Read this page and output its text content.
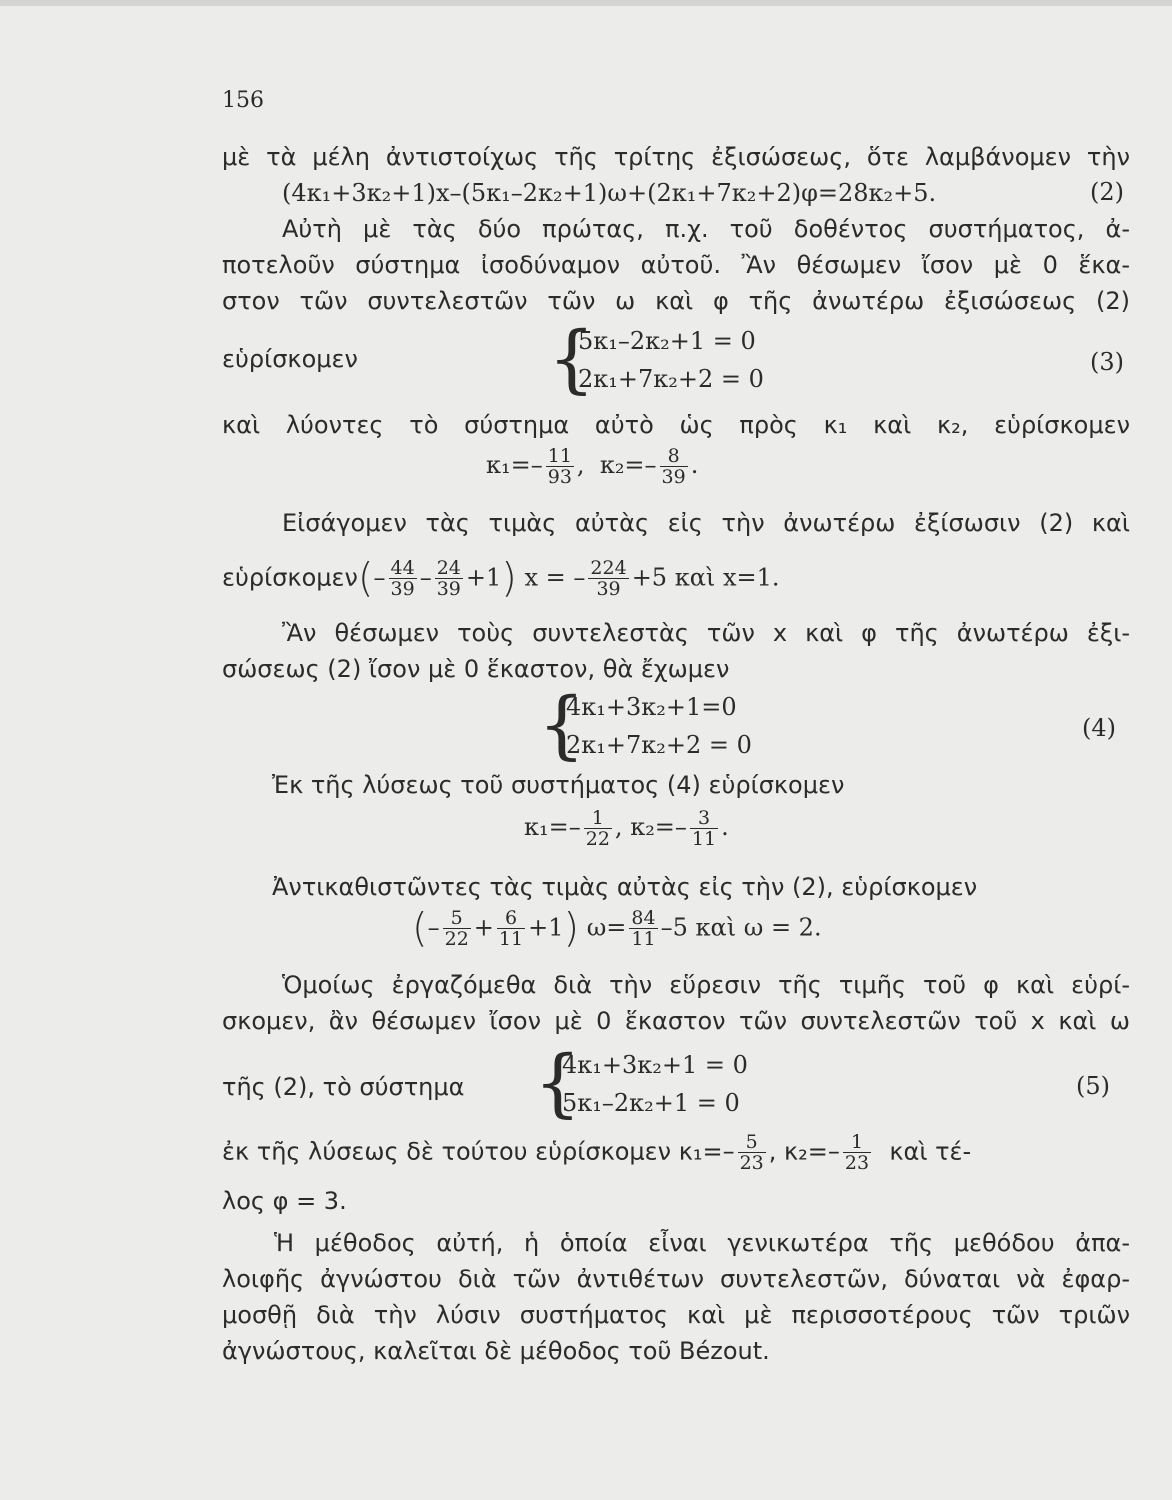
156
μὲ τὰ μέλη ἀντιστοίχως τῆς τρίτης ἐξισώσεως, ὅτε λαμβάνομεν τὴν
(4κ₁+3κ₂+1)x–(5κ₁–2κ₂+1)ω+(2κ₁+7κ₂+2)φ=28κ₂+5.	(2)
Αὐτὴ μὲ τὰς δύο πρώτας, π.χ. τοῦ δοθέντος συστήματος, ἀ-
ποτελοῦν σύστημα ἰσοδύναμον αὐτοῦ. Ἂν θέσωμεν ἴσον μὲ 0 ἕκα-
στον τῶν συντελεστῶν τῶν ω καὶ φ τῆς ἀνωτέρω ἐξισώσεως (2)
εὑρίσκομεν	{
5κ₁–2κ₂+1 = 0
2κ₁+7κ₂+2 = 0
(3)
καὶ λύοντες τὸ σύστημα αὐτὸ ὡς πρὸς κ₁ καὶ κ₂, εὑρίσκομεν
$\kappa_1=- \frac{11}{93}$ ,  $\kappa_2=- \frac{8}{39}$ .
Εἰσάγομεν τὰς τιμὰς αὐτὰς εἰς τὴν ἀνωτέρω ἐξίσωσιν (2) καὶ
εὑρίσκομεν(– $\frac{44}{39} - \frac{24}{39} +1$) x = – $\frac{224}{39} +5$ καὶ x=1.
Ἂν θέσωμεν τοὺς συντελεστὰς τῶν x καὶ φ τῆς ἀνωτέρω ἐξι-
σώσεως (2) ἴσον μὲ 0 ἕκαστον, θὰ ἔχωμεν
{
4κ₁+3κ₂+1=0
2κ₁+7κ₂+2 = 0
(4)
Ἐκ τῆς λύσεως τοῦ συστήματος (4) εὑρίσκομεν
$\kappa_1=- \frac{1}{22}$ , $\kappa_2=- \frac{3}{11}$ .
Ἀντικαθιστῶντες τὰς τιμὰς αὐτὰς εἰς τὴν (2), εὑρίσκομεν
(– $\frac{5}{22} + \frac{6}{11} +1$) $\omega= \frac{84}{11} -5$ καὶ ω = 2.
Ὁμοίως ἐργαζόμεθα διὰ τὴν εὕρεσιν τῆς τιμῆς τοῦ φ καὶ εὑρί-
σκομεν, ἂν θέσωμεν ἴσον μὲ 0 ἕκαστον τῶν συντελεστῶν τοῦ x καὶ ω
τῆς (2), τὸ σύστημα {
4κ₁+3κ₂+1 = 0
5κ₁–2κ₂+1 = 0
(5)
ἐκ τῆς λύσεως δὲ τούτου εὑρίσκομεν $\kappa_1=- \frac{5}{23}$ , $\kappa_2=- \frac{1}{23}$ καὶ τέ-
λος φ = 3.
Ἡ μέθοδος αὐτή, ἡ ὁποία εἶναι γενικωτέρα τῆς μεθόδου ἀπα-
λοιφῆς ἀγνώστου διὰ τῶν ἀντιθέτων συντελεστῶν, δύναται νὰ ἐφαρ-
μοσθῇ διὰ τὴν λύσιν συστήματος καὶ μὲ περισσοτέρους τῶν τριῶν
ἀγνώστους, καλεῖται δὲ μέθοδος τοῦ Bézout.
